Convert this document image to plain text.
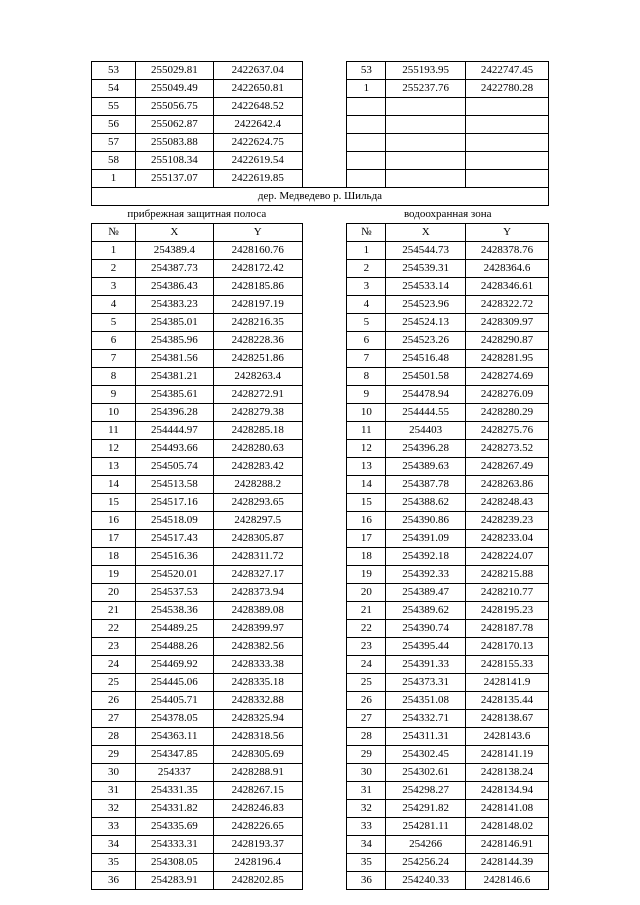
53	255029.81	2422637.04		53	255193.95	2422747.45
54	255049.49	2422650.81		1	255237.76	2422780.28
55	255056.75	2422648.52				
56	255062.87	2422642.4				
57	255083.88	2422624.75				
58	255108.34	2422619.54				
1	255137.07	2422619.85				
дер. Медведево р. Шильда						
прибрежная защитная полоса				водоохранная зона		
№	X	Y		№	X	Y
1	254389.4	2428160.76		1	254544.73	2428378.76
2	254387.73	2428172.42		2	254539.31	2428364.6
3	254386.43	2428185.86		3	254533.14	2428346.61
4	254383.23	2428197.19		4	254523.96	2428322.72
5	254385.01	2428216.35		5	254524.13	2428309.97
6	254385.96	2428228.36		6	254523.26	2428290.87
7	254381.56	2428251.86		7	254516.48	2428281.95
8	254381.21	2428263.4		8	254501.58	2428274.69
9	254385.61	2428272.91		9	254478.94	2428276.09
10	254396.28	2428279.38		10	254444.55	2428280.29
11	254444.97	2428285.18		11	254403	2428275.76
12	254493.66	2428280.63		12	254396.28	2428273.52
13	254505.74	2428283.42		13	254389.63	2428267.49
14	254513.58	2428288.2		14	254387.78	2428263.86
15	254517.16	2428293.65		15	254388.62	2428248.43
16	254518.09	2428297.5		16	254390.86	2428239.23
17	254517.43	2428305.87		17	254391.09	2428233.04
18	254516.36	2428311.72		18	254392.18	2428224.07
19	254520.01	2428327.17		19	254392.33	2428215.88
20	254537.53	2428373.94		20	254389.47	2428210.77
21	254538.36	2428389.08		21	254389.62	2428195.23
22	254489.25	2428399.97		22	254390.74	2428187.78
23	254488.26	2428382.56		23	254395.44	2428170.13
24	254469.92	2428333.38		24	254391.33	2428155.33
25	254445.06	2428335.18		25	254373.31	2428141.9
26	254405.71	2428332.88		26	254351.08	2428135.44
27	254378.05	2428325.94		27	254332.71	2428138.67
28	254363.11	2428318.56		28	254311.31	2428143.6
29	254347.85	2428305.69		29	254302.45	2428141.19
30	254337	2428288.91		30	254302.61	2428138.24
31	254331.35	2428267.15		31	254298.27	2428134.94
32	254331.82	2428246.83		32	254291.82	2428141.08
33	254335.69	2428226.65		33	254281.11	2428148.02
34	254333.31	2428193.37		34	254266	2428146.91
35	254308.05	2428196.4		35	254256.24	2428144.39
36	254283.91	2428202.85		36	254240.33	2428146.6
